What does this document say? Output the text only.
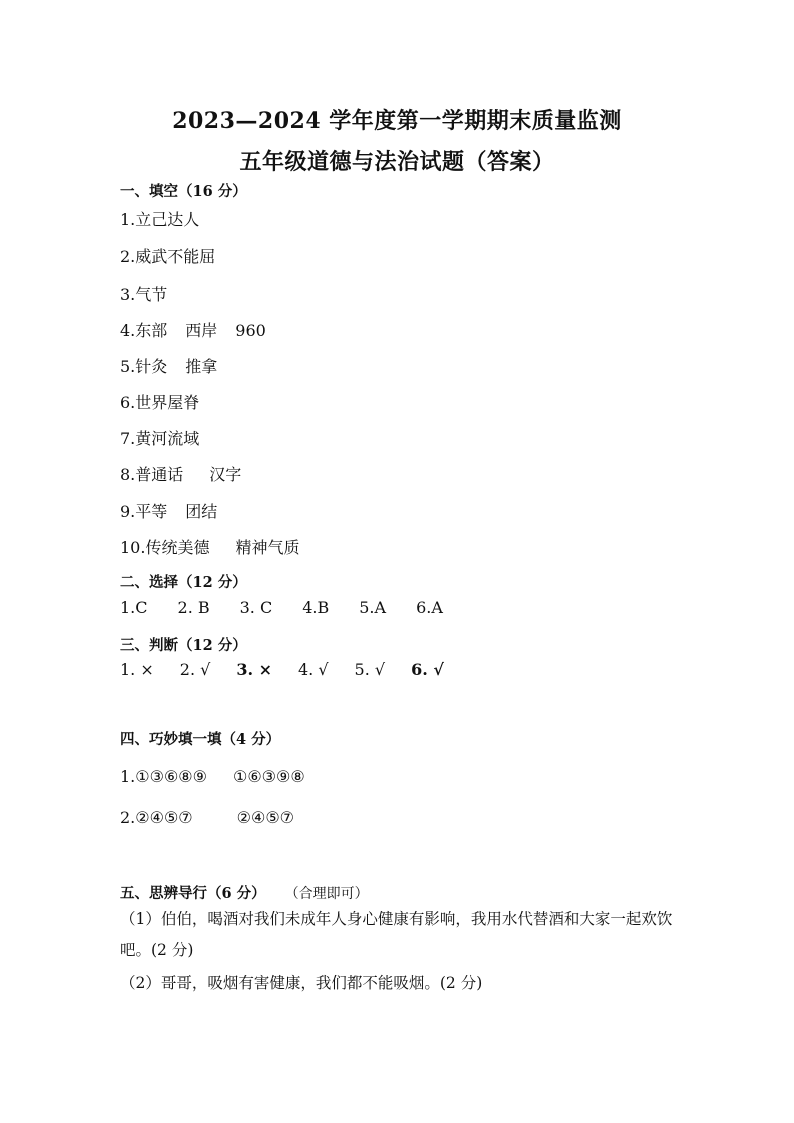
2023—2024 学年度第一学期期末质量监测
五年级道德与法治试题（答案）
一、填空（16 分）
1.立己达人
2.威武不能屈
3.气节
4.东部 西岸 960
5.针灸 推拿
6.世界屋脊
7.黄河流域
8.普通话 汉字
9.平等 团结
10.传统美德 精神气质
二、选择（12 分）
1.C 2. B 3. C 4.B 5.A 6.A
三、判断（12 分）
1. × 2. √ 3. × 4. √ 5. √ 6. √
四、巧妙填一填（4 分）
1.①③⑥⑧⑨ ①⑥③⑨⑧
2.②④⑤⑦	②④⑤⑦
五、思辨导行（6 分） （合理即可）
（1）伯伯，喝酒对我们未成年人身心健康有影响，我用水代替酒和大家一起欢饮吧。(2 分)
（2）哥哥，吸烟有害健康，我们都不能吸烟。(2 分)
